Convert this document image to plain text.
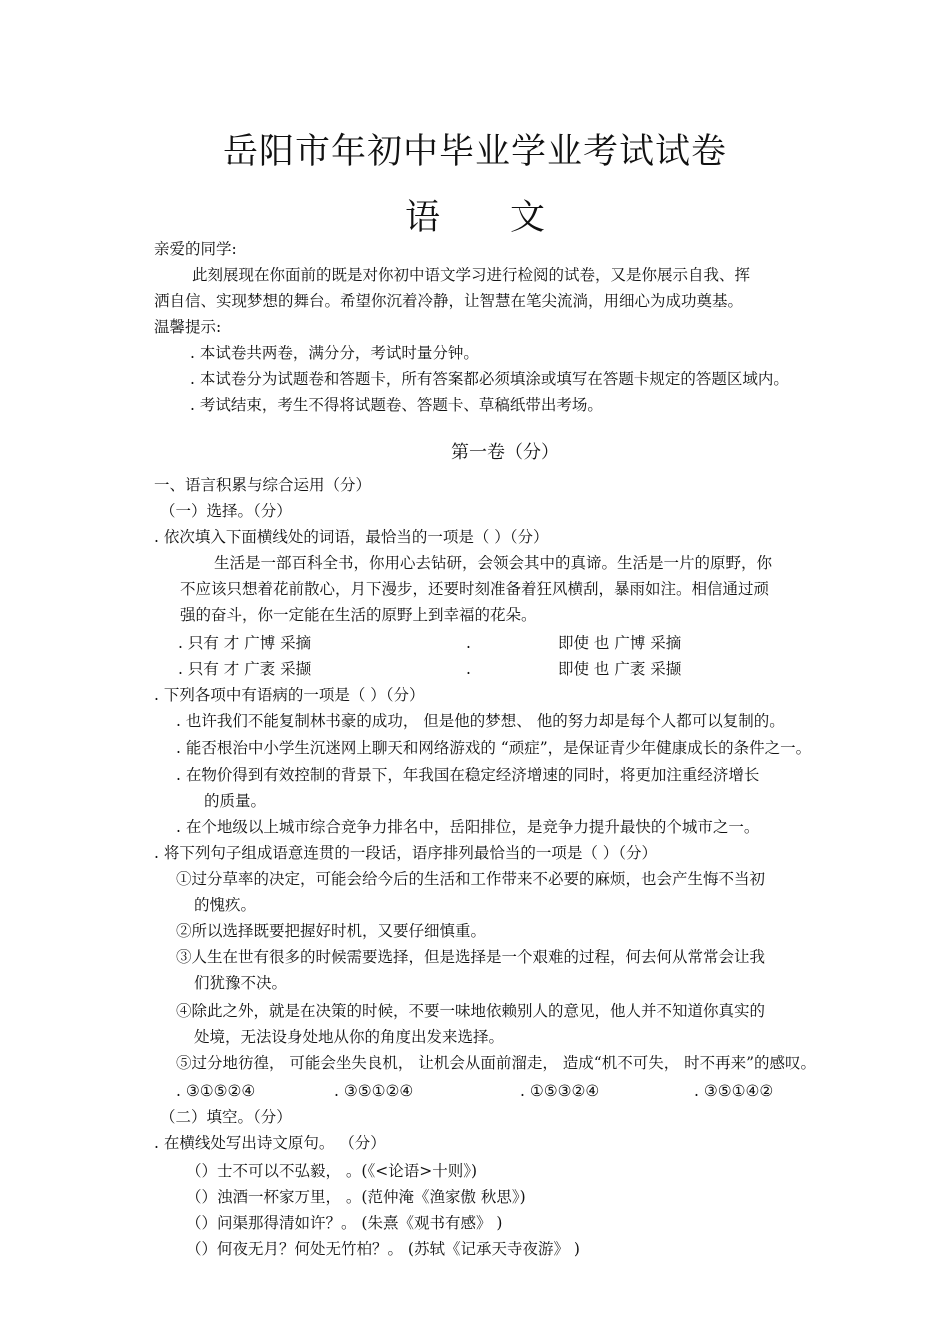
岳阳市年初中毕业学业考试试卷
语 文
亲爱的同学:
此刻展现在你面前的既是对你初中语文学习进行检阅的试卷，又是你展示自我、挥
洒自信、实现梦想的舞台。希望你沉着冷静，让智慧在笔尖流淌，用细心为成功奠基。
温馨提示:
. 本试卷共两卷，满分分，考试时量分钟。
. 本试卷分为试题卷和答题卡，所有答案都必须填涂或填写在答题卡规定的答题区域内。
. 考试结束，考生不得将试题卷、答题卡、草稿纸带出考场。
第一卷（分）
一、语言积累与综合运用（分）
（一）选择。（分）
. 依次填入下面横线处的词语，最恰当的一项是（ ）（分）
生活是一部百科全书，你用心去钻研，会领会其中的真谛。生活是一片的原野，你
不应该只想着花前散心，月下漫步，还要时刻准备着狂风横刮，暴雨如注。相信通过顽
强的奋斗，你一定能在生活的原野上到幸福的花朵。
. 只有 才 广博 采摘	.	即使 也 广博 采摘
. 只有 才 广袤 采撷	.	即使 也 广袤 采撷
. 下列各项中有语病的一项是（ ）（分）
. 也许我们不能复制林书豪的成功， 但是他的梦想、 他的努力却是每个人都可以复制的。
. 能否根治中小学生沉迷网上聊天和网络游戏的 “顽症”，是保证青少年健康成长的条件之一。
. 在物价得到有效控制的背景下，年我国在稳定经济增速的同时，将更加注重经济增长
的质量。
. 在个地级以上城市综合竞争力排名中，岳阳排位，是竞争力提升最快的个城市之一。
. 将下列句子组成语意连贯的一段话，语序排列最恰当的一项是（ ）（分）
①过分草率的决定，可能会给今后的生活和工作带来不必要的麻烦，也会产生悔不当初
的愧疚。
②所以选择既要把握好时机，又要仔细慎重。
③人生在世有很多的时候需要选择，但是选择是一个艰难的过程，何去何从常常会让我
们犹豫不决。
④除此之外，就是在决策的时候，不要一味地依赖别人的意见，他人并不知道你真实的
处境，无法设身处地从你的角度出发来选择。
⑤过分地彷徨， 可能会坐失良机， 让机会从面前溜走， 造成“机不可失， 时不再来”的感叹。
. ③①⑤②④	. ③⑤①②④	. ①⑤③②④	. ③⑤①④②
（二）填空。（分）
. 在横线处写出诗文原句。 （分）
（）士不可以不弘毅， 。(《<论语>十则》)
（）浊酒一杯家万里， 。(范仲淹《渔家傲 秋思》)
（）问渠那得清如许？。 (朱熹《观书有感》 )
（）何夜无月？何处无竹柏？。 (苏轼《记承天寺夜游》 )
